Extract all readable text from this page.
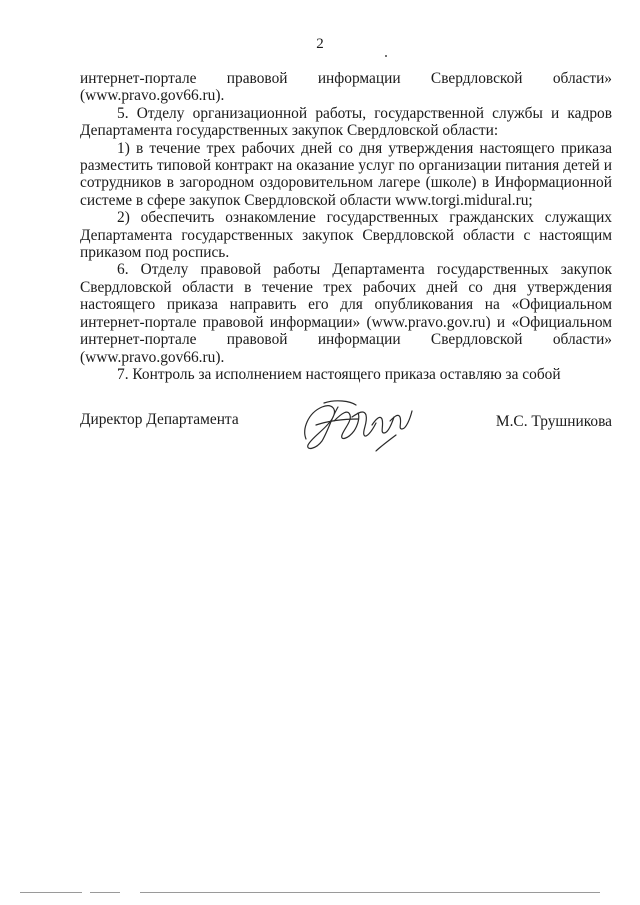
2

интернет-портале правовой информации Свердловской области» (www.pravo.gov66.ru).

5. Отделу организационной работы, государственной службы и кадров Департамента государственных закупок Свердловской области:

1) в течение трех рабочих дней со дня утверждения настоящего приказа разместить типовой контракт на оказание услуг по организации питания детей и сотрудников в загородном оздоровительном лагере (школе) в Информационной системе в сфере закупок Свердловской области www.torgi.midural.ru;

2) обеспечить ознакомление государственных гражданских служащих Департамента государственных закупок Свердловской области с настоящим приказом под роспись.

6. Отделу правовой работы Департамента государственных закупок Свердловской области в течение трех рабочих дней со дня утверждения настоящего приказа направить его для опубликования на «Официальном интернет-портале правовой информации» (www.pravo.gov.ru) и «Официальном интернет-портале правовой информации Свердловской области» (www.pravo.gov66.ru).

7. Контроль за исполнением настоящего приказа оставляю за собой

Директор Департамента	М.С. Трушникова
